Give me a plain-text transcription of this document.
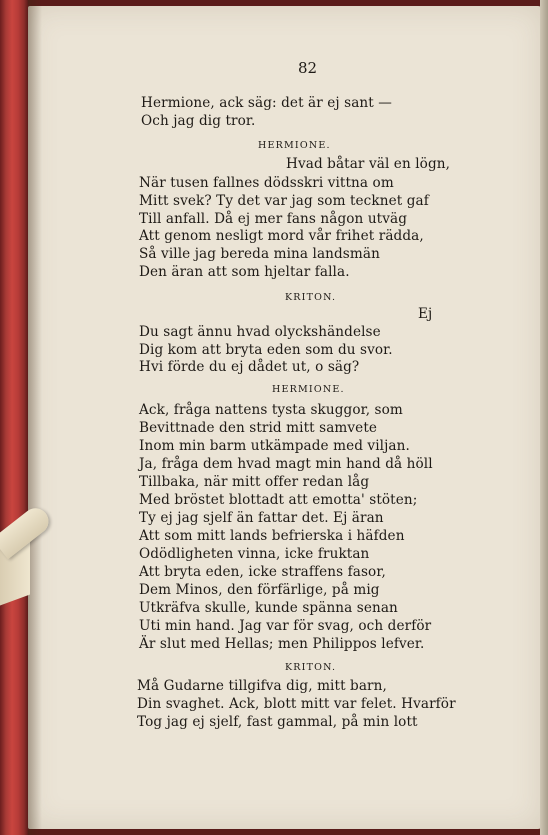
82

Hermione, ack säg: det är ej sant —

Och jag dig tror.

HERMIONE.

Hvad båtar väl en lögn,

När tusen fallnes dödsskri vittna om

Mitt svek? Ty det var jag som tecknet gaf

Till anfall. Då ej mer fans någon utväg

Att genom nesligt mord vår frihet rädda,

Så ville jag bereda mina landsmän

Den äran att som hjeltar falla.

KRITON.

Ej

Du sagt ännu hvad olyckshändelse

Dig kom att bryta eden som du svor.

Hvi förde du ej dådet ut, o säg?

HERMIONE.

Ack, fråga nattens tysta skuggor, som

Bevittnade den strid mitt samvete

Inom min barm utkämpade med viljan.

Ja, fråga dem hvad magt min hand då höll

Tillbaka, när mitt offer redan låg

Med bröstet blottadt att emotta' stöten;

Ty ej jag sjelf än fattar det. Ej äran

Att som mitt lands befrierska i häfden

Odödligheten vinna, icke fruktan

Att bryta eden, icke straffens fasor,

Dem Minos, den förfärlige, på mig

Utkräfva skulle, kunde spänna senan

Uti min hand. Jag var för svag, och derför

Är slut med Hellas; men Philippos lefver.

KRITON.

Må Gudarne tillgifva dig, mitt barn,

Din svaghet. Ack, blott mitt var felet. Hvarför

Tog jag ej sjelf, fast gammal, på min lott
